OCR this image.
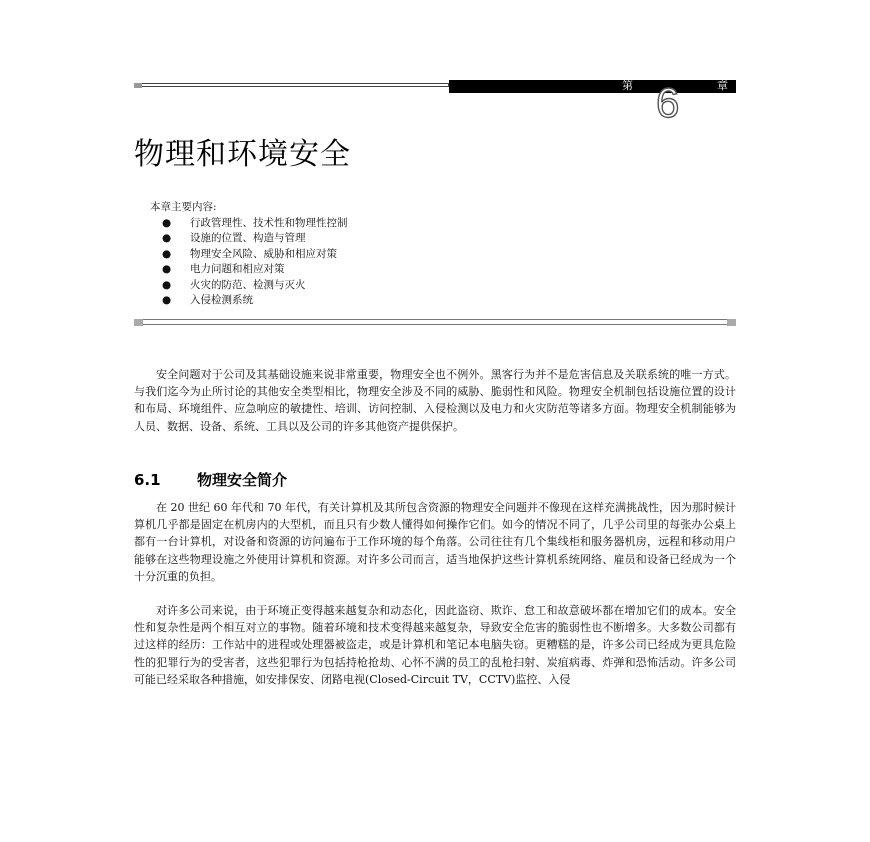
第	章
6
物理和环境安全
本章主要内容:
● 行政管理性、技术性和物理性控制
● 设施的位置、构造与管理
● 物理安全风险、威胁和相应对策
● 电力问题和相应对策
● 火灾的防范、检测与灭火
● 入侵检测系统

安全问题对于公司及其基础设施来说非常重要，物理安全也不例外。黑客行为并不是危害信息及关联系统的唯一方式。与我们迄今为止所讨论的其他安全类型相比，物理安全涉及不同的威胁、脆弱性和风险。物理安全机制包括设施位置的设计和布局、环境组件、应急响应的敏捷性、培训、访问控制、入侵检测以及电力和火灾防范等诸多方面。物理安全机制能够为人员、数据、设备、系统、工具以及公司的许多其他资产提供保护。

6.1 物理安全简介

在 20 世纪 60 年代和 70 年代，有关计算机及其所包含资源的物理安全问题并不像现在这样充满挑战性，因为那时候计算机几乎都是固定在机房内的大型机，而且只有少数人懂得如何操作它们。如今的情况不同了，几乎公司里的每张办公桌上都有一台计算机，对设备和资源的访问遍布于工作环境的每个角落。公司往往有几个集线柜和服务器机房，远程和移动用户能够在这些物理设施之外使用计算机和资源。对许多公司而言，适当地保护这些计算机系统网络、雇员和设备已经成为一个十分沉重的负担。

对许多公司来说，由于环境正变得越来越复杂和动态化，因此盗窃、欺诈、怠工和故意破坏都在增加它们的成本。安全性和复杂性是两个相互对立的事物。随着环境和技术变得越来越复杂，导致安全危害的脆弱性也不断增多。大多数公司都有过这样的经历：工作站中的进程或处理器被盗走，或是计算机和笔记本电脑失窃。更糟糕的是，许多公司已经成为更具危险性的犯罪行为的受害者，这些犯罪行为包括持枪抢劫、心怀不满的员工的乱枪扫射、炭疽病毒、炸弹和恐怖活动。许多公司可能已经采取各种措施，如安排保安、闭路电视(Closed-Circuit TV，CCTV)监控、入侵
